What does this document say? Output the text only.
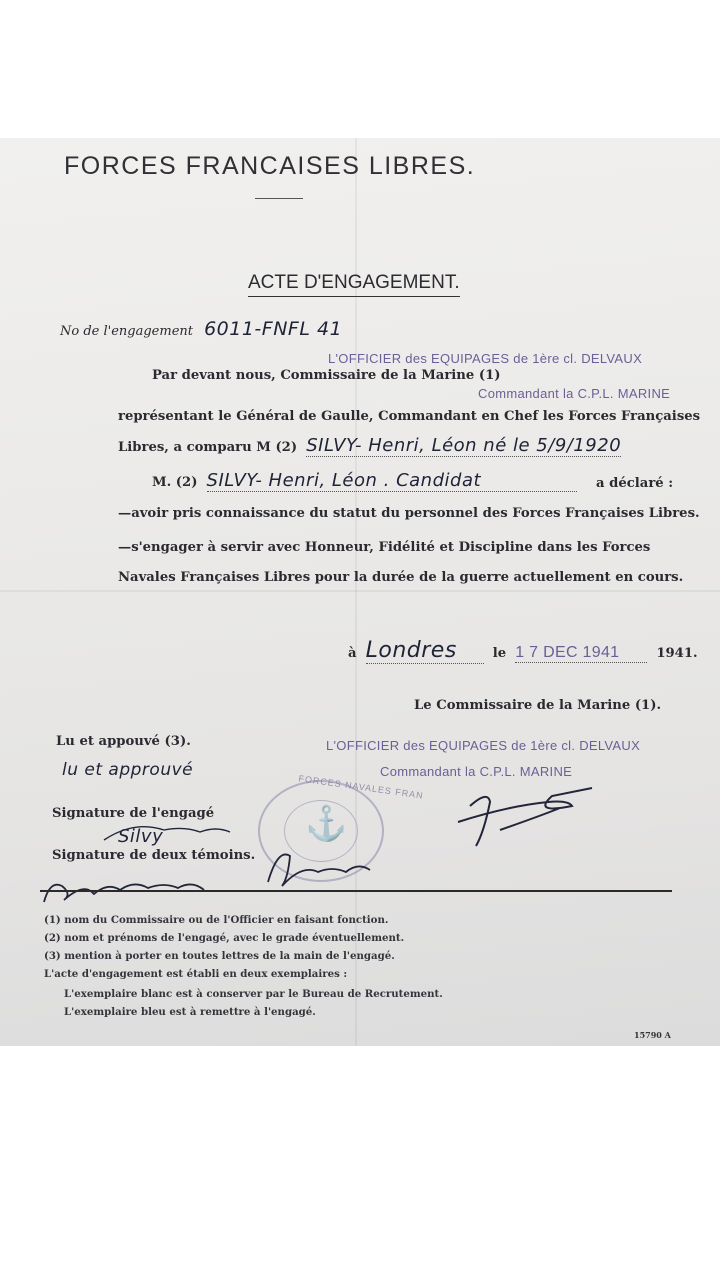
FORCES FRANCAISES LIBRES.
ACTE D'ENGAGEMENT.
No de l'engagement 6011-FNFL 41
L'OFFICIER des EQUIPAGES de 1ère cl. DELVAUX
Par devant nous, Commissaire de la Marine (1)
Commandant la C.P.L. MARINE
représentant le Général de Gaulle, Commandant en Chef les Forces Françaises
Libres, a comparu M (2) SILVY- Henri, Léon né le 5/9/1920
M. (2) SILVY- Henri, Léon . Candidat	a déclaré :
—avoir pris connaissance du statut du personnel des Forces Françaises Libres.
—s'engager à servir avec Honneur, Fidélité et Discipline dans les Forces
Navales Françaises Libres pour la durée de la guerre actuellement en cours.
à Londres	le 1 7 DEC 1941	1941.
Le Commissaire de la Marine (1).
Lu et appouvé (3).	L'OFFICIER des EQUIPAGES de 1ère cl. DELVAUX
Commandant la C.P.L. MARINE
lu et approuvé
Signature de l'engagé
Silvy
Signature de deux témoins.
FORCES NAVALES FRAN
⚓
(1) nom du Commissaire ou de l'Officier en faisant fonction.
(2) nom et prénoms de l'engagé, avec le grade éventuellement.
(3) mention à porter en toutes lettres de la main de l'engagé.
L'acte d'engagement est établi en deux exemplaires :
L'exemplaire blanc est à conserver par le Bureau de Recrutement.
L'exemplaire bleu est à remettre à l'engagé.
15790 A
